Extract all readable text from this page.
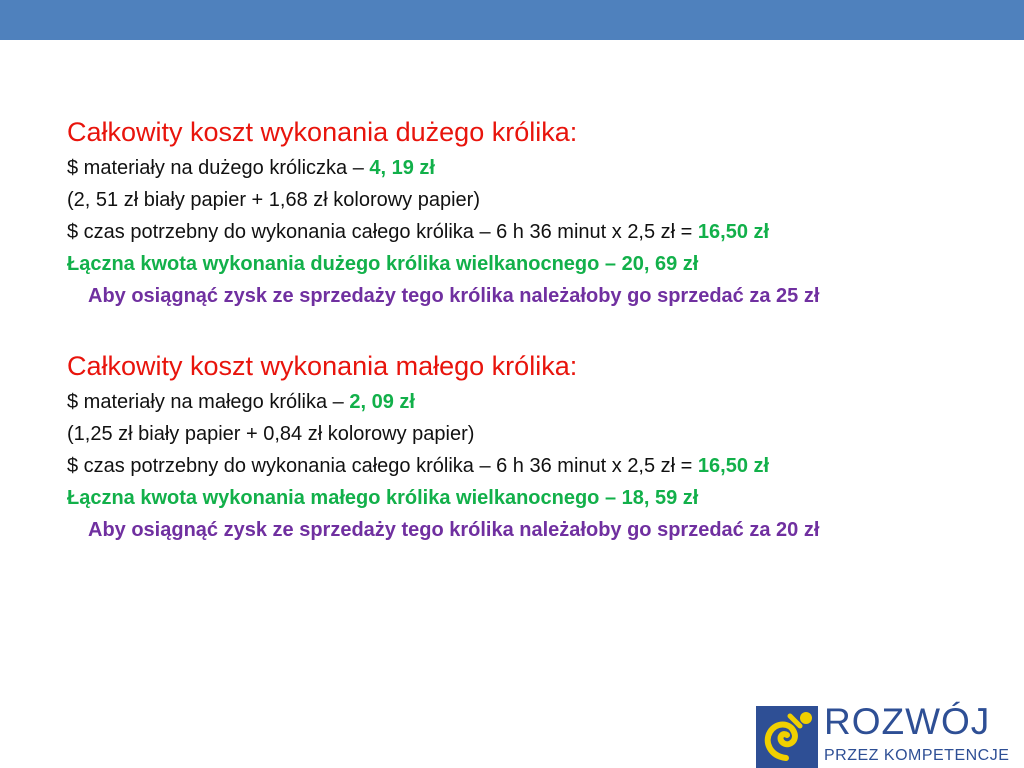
Całkowity koszt wykonania dużego królika:

$ materiały na dużego króliczka – 4, 19 zł

(2, 51 zł biały papier + 1,68 zł kolorowy papier)

$ czas potrzebny do wykonania całego królika – 6 h 36 minut x 2,5 zł = 16,50 zł

Łączna kwota wykonania dużego królika wielkanocnego – 20, 69 zł

Aby osiągnąć zysk ze sprzedaży tego królika należałoby go sprzedać za 25 zł

Całkowity koszt wykonania małego królika:

$ materiały na małego królika – 2, 09 zł

(1,25 zł biały papier + 0,84 zł kolorowy papier)

$ czas potrzebny do wykonania całego królika – 6 h 36 minut x 2,5 zł = 16,50 zł

Łączna kwota wykonania małego królika wielkanocnego – 18, 59 zł

Aby osiągnąć zysk ze sprzedaży tego królika należałoby go sprzedać za 20 zł

ROZWÓJ
PRZEZ KOMPETENCJE
